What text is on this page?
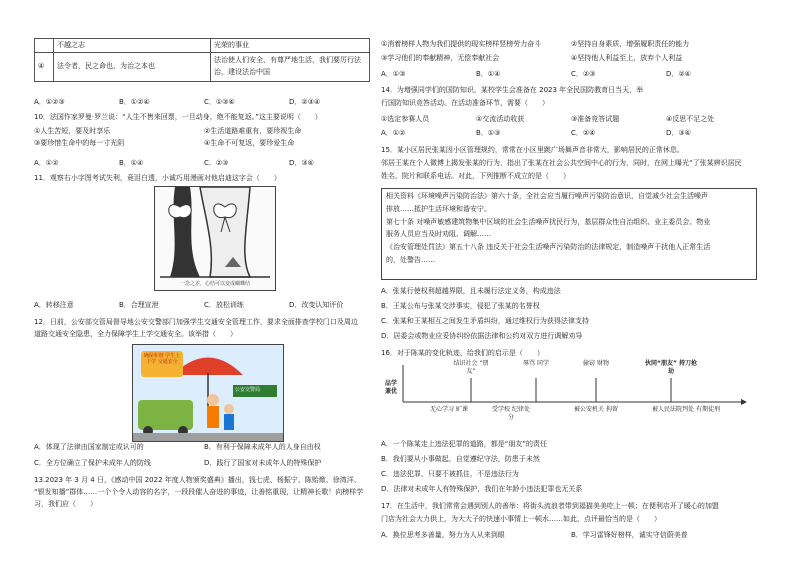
	不越之志	光荣的事业
④	法令者，民之命也，为治之本也	法治使人们安全、有尊严地生活，我们要厉行法治，建设法治中国
A．①②③	B．①②④	C．①③④	D．②③④
10．法国作家罗曼·罗兰说：“人生不售来回票，一旦动身，绝不能复返。”这主要说明（　　）
①人生苦短，要及时享乐	②生活道路难重有，要珍视生命
③要珍惜生命中的每一寸光阴	④生命不可复返，要珍爱生命
A．①②	B．①④	C．②③	D．③④
11．观察右小字图考试失利，竟泪白透，小诚巧用漫画对他启迪这字会（　　）
一念之差，心结可以变成蝴蝶结
A．转移注意	B．合理宣泄	C．放松训练	D．改变认知评价
12．日前，公安部交管局督导地公安交警部门加强学生交通安全管理工作，要求全面排查学校门口及周边
道路交通安全隐患，全力保障学生上学交通安全。该举措（　　）
确保和谐 学生上下学 交通安全
公安交警局
A．体现了法律由国家制定或认可的	B．有利于保障未成年人的人身自由权
C．全方位确立了保护未成年人的防线	D．践行了国家对未成年人的特殊保护
13.2023 年 3 月 4 日，《感动中国 2022 年度人物颁奖盛典》播出，钱七虎、杨振宁、陈贻焮、徐湾洋、
“银发知播”群体……一个个令人动容的名字，一段段催人奋进的事迹，让善铭重现，让精神长歌！向榜样学
习，我们应（　　）
①消着榜样人物为我们提供的现实榜样竖榜劳力奋斗	②坚持自身素质，增强履职责任的能力
③学习他们的奉献精神，无偿奉献社会	④坚持他人利益至上，放弃个人利益
A．①③	B．①④	C．②③	D．②④
14．为增强同学们的国防知识，某校学生会准备在 2023 年全民国防教育日当天，举
行国防知识竞答活动。在活动准备环节，需要（　　）
①选定参赛人员	②交流活动收获	③准备竞答试题	④反思不足之处
A．①②	B．①③	C．②④	D．③④
15．某小区居民张某因小区管理规约，常常在小区里跳广场舞声音非常大，影响居民的正常休息。
邻居王某在个人微博上揭发张某的行为，指出了张某在社会公共空间中心的行为，同时，在网上曝光“了张某辨识居民
姓名，院片和联系电话。对此，下列推断不成立的是（　　）
相关资料《环境噪声污染防治法》第六十条，全社会应当履行噪声污染防治意识，自觉减少社会生活噪声
排放……抵护生活环境和谐安宁。
第七十条 对噪声敏感建筑物集中区域的社会生活噪声扰民行为，基层群众性自治组织、业主委员会、物业
服务人员应当及时劝阻、调解……
《治安管理处罚法》第五十八条 违反关于社会生活噪声污染防治的法律规定，制造噪声干扰他人正常生活
的，处警告……
A．张某行使权利超越界限，且未履行法定义务，构成违法
B．王某公布与张某交涉事实，侵犯了张某的名誉权
C．张某和王某相互之间发生矛盾纠纷，通过维权行为获得法律支持
D．居委会或物业应妥协纠纷依据法律和公约对双方进行调解劝导
16．对于陈某的变化轨迹，给我们的启示是（　　）
品学 兼优
结识社会 “朋友”
辱骂 同学	偷窃 财物	伙同“朋友” 持刀抢劫
无心学习 旷课	受学校 纪律处分
被公安机关 拘留	被人民法院判处 有期徒刑
A．一个陈某走上违法犯罪的道路，都是“朋友”的责任
B．我们要从小事做起，自觉遵纪守法，防患于未然
C．违法犯罪，只要不被抓住，不是违法行为
D．法律对未成年人有特殊保护，我们在年龄小违法犯罪也无关系
17．在生活中，我们常常会遇到别人的善举：将街头流浪者带到福猫美美吃上一顿；在便利店开了暖心的加盟
门店为社会大力供上，为大大子的快速小事情上一顿水……如此，点评最恰当的是（　　）
A．换位思考多善量，努力为人从来到眼	B．学习雷锋好榜样，诚实守信蔚美普
